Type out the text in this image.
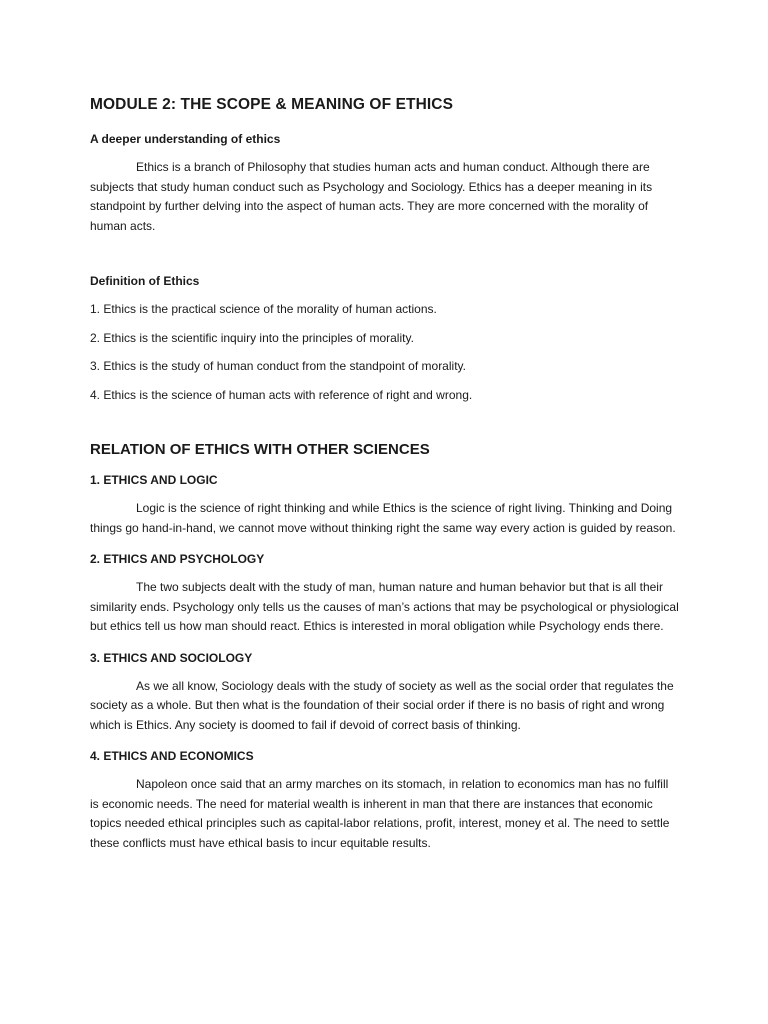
MODULE 2: THE SCOPE & MEANING OF ETHICS
A deeper understanding of ethics

Ethics is a branch of Philosophy that studies human acts and human conduct. Although there are subjects that study human conduct such as Psychology and Sociology. Ethics has a deeper meaning in its standpoint by further delving into the aspect of human acts. They are more concerned with the morality of human acts.

Definition of Ethics
1. Ethics is the practical science of the morality of human actions.
2. Ethics is the scientific inquiry into the principles of morality.
3. Ethics is the study of human conduct from the standpoint of morality.
4. Ethics is the science of human acts with reference of right and wrong.
RELATION OF ETHICS WITH OTHER SCIENCES
1. ETHICS AND LOGIC

Logic is the science of right thinking and while Ethics is the science of right living. Thinking and Doing things go hand-in-hand, we cannot move without thinking right the same way every action is guided by reason.

2. ETHICS AND PSYCHOLOGY

The two subjects dealt with the study of man, human nature and human behavior but that is all their similarity ends. Psychology only tells us the causes of man’s actions that may be psychological or physiological but ethics tell us how man should react. Ethics is interested in moral obligation while Psychology ends there.

3. ETHICS AND SOCIOLOGY

As we all know, Sociology deals with the study of society as well as the social order that regulates the society as a whole. But then what is the foundation of their social order if there is no basis of right and wrong which is Ethics. Any society is doomed to fail if devoid of correct basis of thinking.

4. ETHICS AND ECONOMICS

Napoleon once said that an army marches on its stomach, in relation to economics man has no fulfill is economic needs. The need for material wealth is inherent in man that there are instances that economic topics needed ethical principles such as capital-labor relations, profit, interest, money et al. The need to settle these conflicts must have ethical basis to incur equitable results.
